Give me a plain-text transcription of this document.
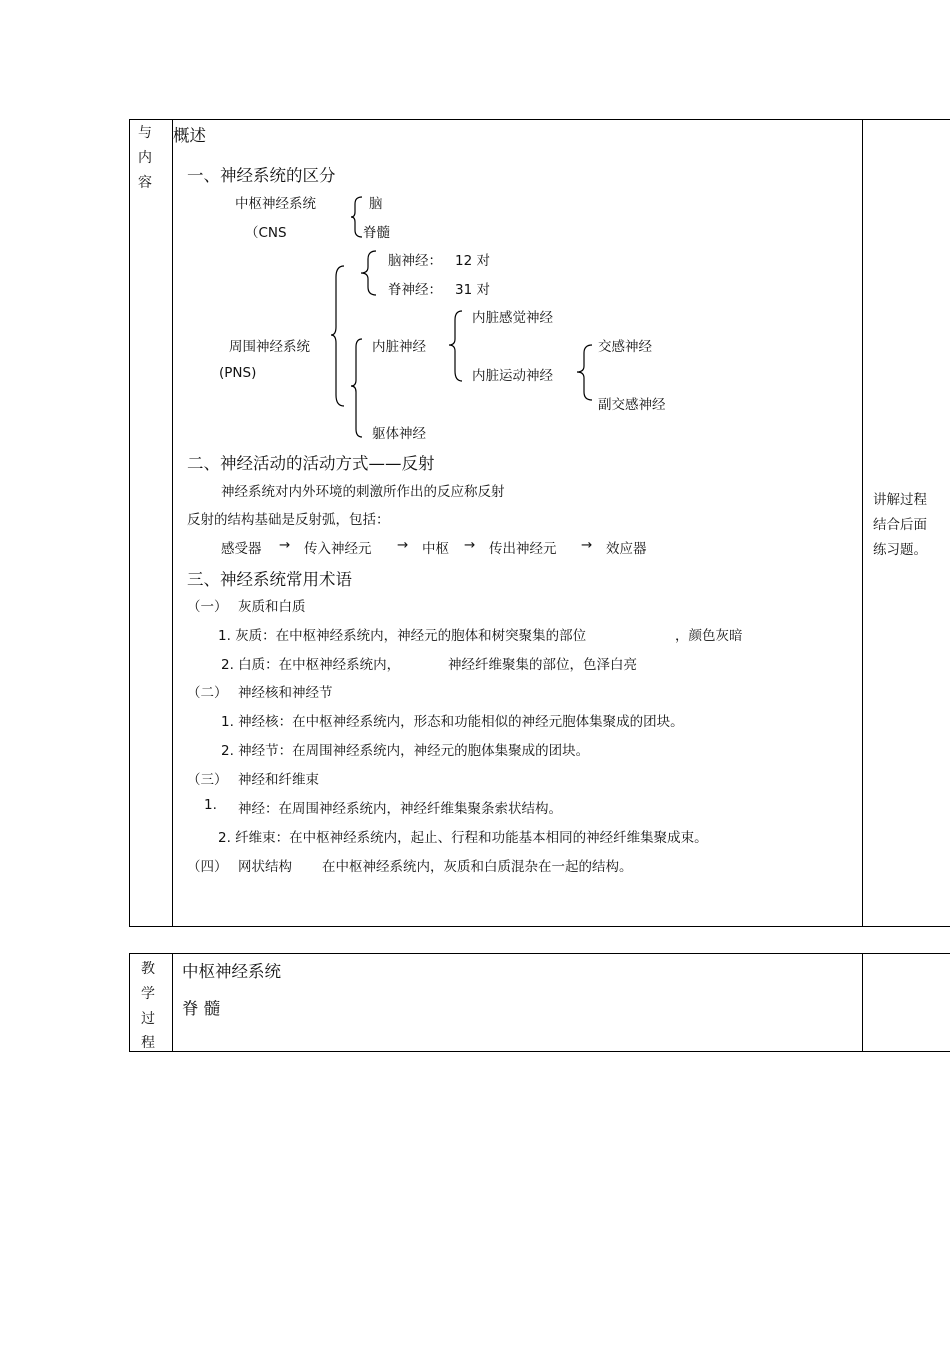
与
内
容
讲解过程
结合后面
练习题。
概述
一、神经系统的区分
中枢神经系统
（CNS
脑
脊髓
周围神经系统
(PNS)
脑神经： 12 对
脊神经： 31 对
内脏神经
躯体神经
内脏感觉神经
内脏运动神经
交感神经
副交感神经
二、神经活动的活动方式——反射
神经系统对内外环境的刺激所作出的反应称反射
反射的结构基础是反射弧，包括：
感受器 → 传入神经元 → 中枢 → 传出神经元 → 效应器
三、神经系统常用术语
（一） 灰质和白质
1. 灰质：在中枢神经系统内，神经元的胞体和树突聚集的部位	，颜色灰暗
2. 白质：在中枢神经系统内，	神经纤维聚集的部位，色泽白亮
（二） 神经核和神经节
1. 神经核：在中枢神经系统内，形态和功能相似的神经元胞体集聚成的团块。
2. 神经节：在周围神经系统内，神经元的胞体集聚成的团块。
（三） 神经和纤维束
1. 神经：在周围神经系统内，神经纤维集聚条索状结构。
2. 纤维束：在中枢神经系统内，起止、行程和功能基本相同的神经纤维集聚成束。
（四） 网状结构 在中枢神经系统内，灰质和白质混杂在一起的结构。
教
学
过
程
中枢神经系统
脊 髓
